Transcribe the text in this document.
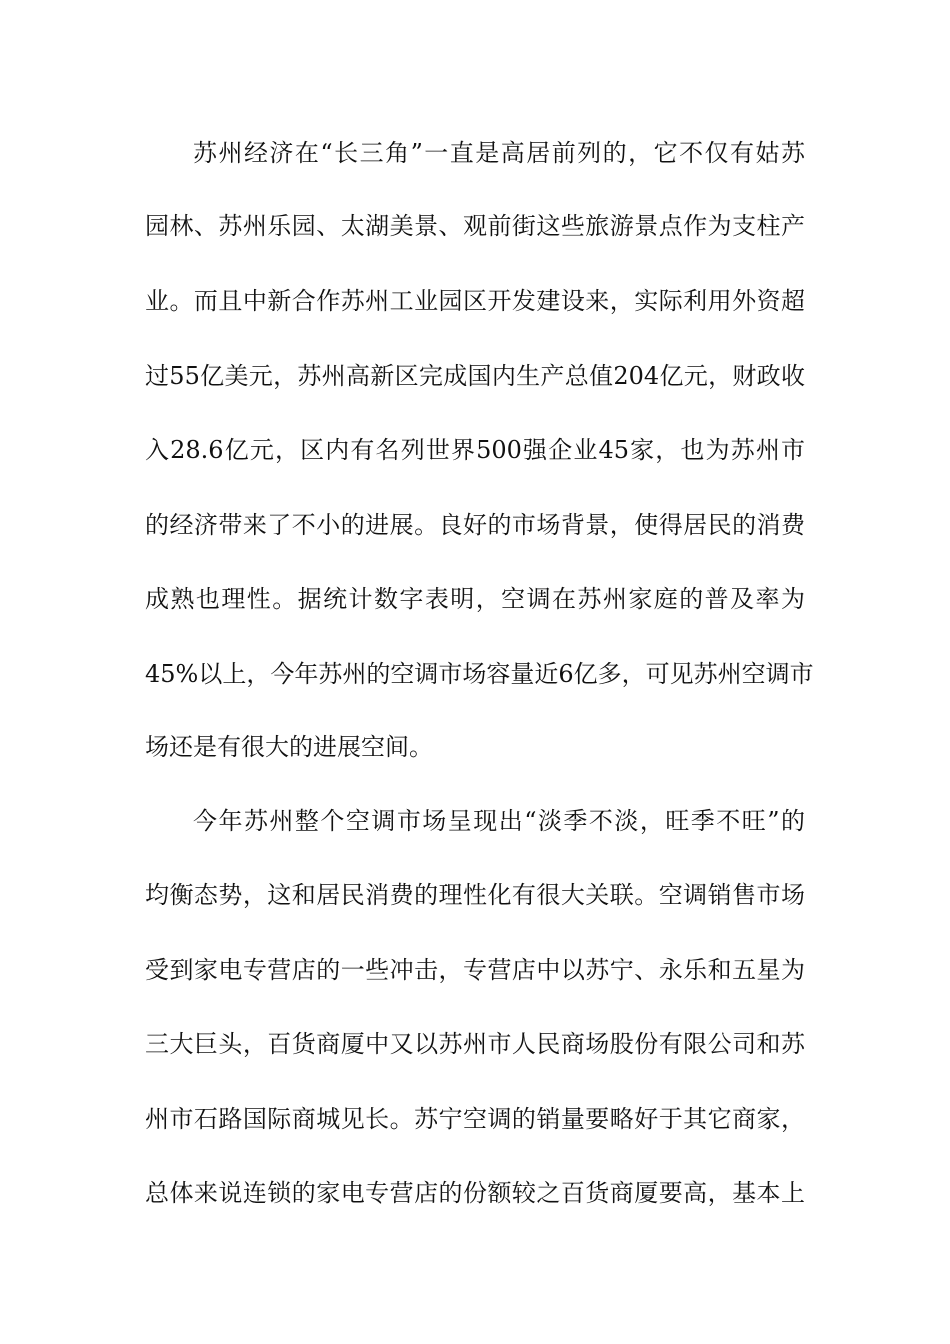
苏州经济在“长三角”一直是高居前列的，它不仅有姑苏
园林、苏州乐园、太湖美景、观前街这些旅游景点作为支柱产
业。而且中新合作苏州工业园区开发建设来，实际利用外资超
过55亿美元，苏州高新区完成国内生产总值204亿元，财政收
入28.6亿元，区内有名列世界500强企业45家，也为苏州市
的经济带来了不小的进展。良好的市场背景，使得居民的消费
成熟也理性。据统计数字表明，空调在苏州家庭的普及率为
45%以上，今年苏州的空调市场容量近6亿多，可见苏州空调市
场还是有很大的进展空间。
今年苏州整个空调市场呈现出“淡季不淡，旺季不旺”的
均衡态势，这和居民消费的理性化有很大关联。空调销售市场
受到家电专营店的一些冲击，专营店中以苏宁、永乐和五星为
三大巨头，百货商厦中又以苏州市人民商场股份有限公司和苏
州市石路国际商城见长。苏宁空调的销量要略好于其它商家，
总体来说连锁的家电专营店的份额较之百货商厦要高，基本上
